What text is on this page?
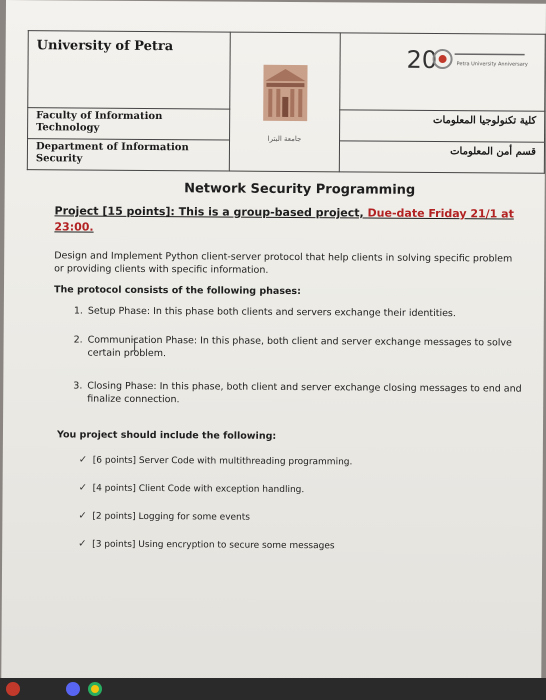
University of Petra	جامعة البترا	20 Petra University Anniversary

Faculty of Information Technology		كلية تكنولوجيا المعلومات

Department of Information Security		قسم أمن المعلومات
Network Security Programming
Project [15 points]: This is a group-based project, Due-date Friday 21/1 at 23:00.
Design and Implement Python client-server protocol that help clients in solving specific problem or providing clients with specific information.
The protocol consists of the following phases:
1. Setup Phase: In this phase both clients and servers exchange their identities.
2. Communication Phase: In this phase, both client and server exchange messages to solve certain problem.
3. Closing Phase: In this phase, both client and server exchange closing messages to end and finalize connection.
You project should include the following:
✓ [6 points] Server Code with multithreading programming.
✓ [4 points] Client Code with exception handling.
✓ [2 points] Logging for some events
✓ [3 points] Using encryption to secure some messages
